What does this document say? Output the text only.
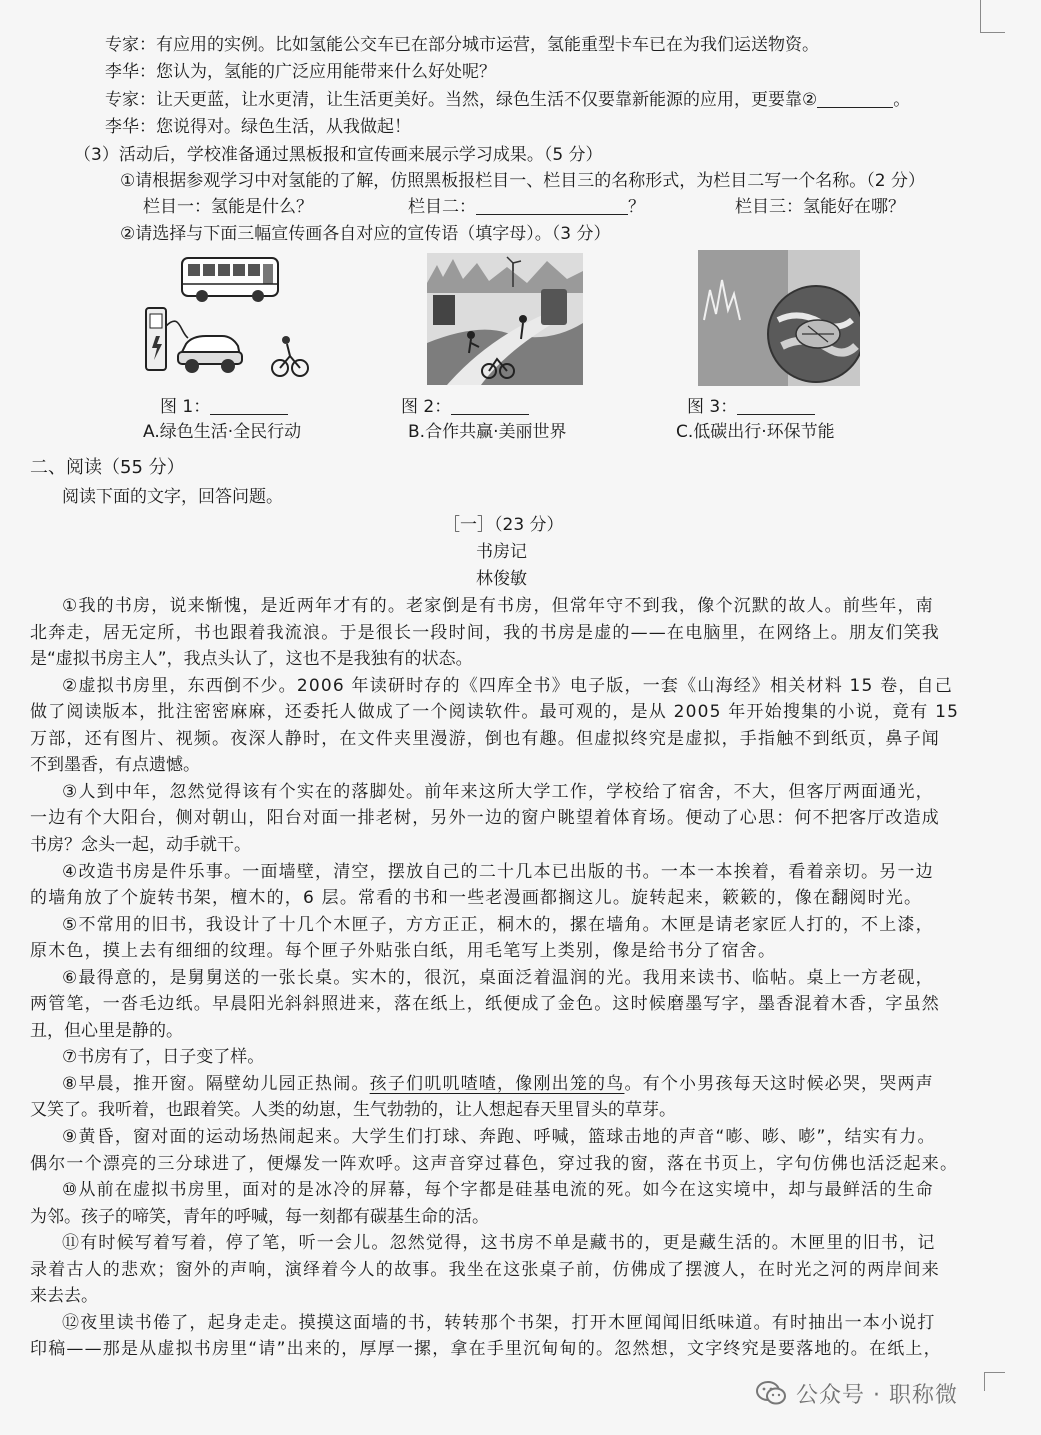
专家：有应用的实例。比如氢能公交车已在部分城市运营，氢能重型卡车已在为我们运送物资。
李华：您认为，氢能的广泛应用能带来什么好处呢？
专家：让天更蓝，让水更清，让生活更美好。当然，绿色生活不仅要靠新能源的应用，更要靠②	。
李华：您说得对。绿色生活，从我做起！
（3）活动后，学校准备通过黑板报和宣传画来展示学习成果。（5 分）
①请根据参观学习中对氢能的了解，仿照黑板报栏目一、栏目三的名称形式，为栏目二写一个名称。（2 分）
栏目一：氢能是什么？	栏目二：	？	栏目三：氢能好在哪？
②请选择与下面三幅宣传画各自对应的宣传语（填字母）。（3 分）
图 1：	图 2：	图 3：
A.绿色生活·全民行动	B.合作共赢·美丽世界	C.低碳出行·环保节能
二、阅读（55 分）
阅读下面的文字，回答问题。
［一］（23 分）
书房记
林俊敏
①我的书房，说来惭愧，是近两年才有的。老家倒是有书房，但常年守不到我，像个沉默的故人。前些年，南
北奔走，居无定所，书也跟着我流浪。于是很长一段时间，我的书房是虚的——在电脑里，在网络上。朋友们笑我
是“虚拟书房主人”，我点头认了，这也不是我独有的状态。
②虚拟书房里，东西倒不少。2006 年读研时存的《四库全书》电子版，一套《山海经》相关材料 15 卷，自己
做了阅读版本，批注密密麻麻，还委托人做成了一个阅读软件。最可观的，是从 2005 年开始搜集的小说，竟有 15
万部，还有图片、视频。夜深人静时，在文件夹里漫游，倒也有趣。但虚拟终究是虚拟，手指触不到纸页，鼻子闻
不到墨香，有点遗憾。
③人到中年，忽然觉得该有个实在的落脚处。前年来这所大学工作，学校给了宿舍，不大，但客厅两面通光，
一边有个大阳台，侧对朝山，阳台对面一排老树，另外一边的窗户眺望着体育场。便动了心思：何不把客厅改造成
书房？念头一起，动手就干。
④改造书房是件乐事。一面墙壁，清空，摆放自己的二十几本已出版的书。一本一本挨着，看着亲切。另一边
的墙角放了个旋转书架，檀木的，6 层。常看的书和一些老漫画都搁这儿。旋转起来，簌簌的，像在翻阅时光。
⑤不常用的旧书，我设计了十几个木匣子，方方正正，桐木的，摞在墙角。木匣是请老家匠人打的，不上漆，
原木色，摸上去有细细的纹理。每个匣子外贴张白纸，用毛笔写上类别，像是给书分了宿舍。
⑥最得意的，是舅舅送的一张长桌。实木的，很沉，桌面泛着温润的光。我用来读书、临帖。桌上一方老砚，
两管笔，一沓毛边纸。早晨阳光斜斜照进来，落在纸上，纸便成了金色。这时候磨墨写字，墨香混着木香，字虽然
丑，但心里是静的。
⑦书房有了，日子变了样。
⑧早晨，推开窗。隔壁幼儿园正热闹。孩子们叽叽喳喳，像刚出笼的鸟。有个小男孩每天这时候必哭，哭两声
又笑了。我听着，也跟着笑。人类的幼崽，生气勃勃的，让人想起春天里冒头的草芽。
⑨黄昏，窗对面的运动场热闹起来。大学生们打球、奔跑、呼喊，篮球击地的声音“嘭、嘭、嘭”，结实有力。
偶尔一个漂亮的三分球进了，便爆发一阵欢呼。这声音穿过暮色，穿过我的窗，落在书页上，字句仿佛也活泛起来。
⑩从前在虚拟书房里，面对的是冰冷的屏幕，每个字都是硅基电流的死。如今在这实境中，却与最鲜活的生命
为邻。孩子的啼笑，青年的呼喊，每一刻都有碳基生命的活。
⑪有时候写着写着，停了笔，听一会儿。忽然觉得，这书房不单是藏书的，更是藏生活的。木匣里的旧书，记
录着古人的悲欢；窗外的声响，演绎着今人的故事。我坐在这张桌子前，仿佛成了摆渡人，在时光之河的两岸间来
来去去。
⑫夜里读书倦了，起身走走。摸摸这面墙的书，转转那个书架，打开木匣闻闻旧纸味道。有时抽出一本小说打
印稿——那是从虚拟书房里“请”出来的，厚厚一摞，拿在手里沉甸甸的。忽然想，文字终究是要落地的。在纸上，
公众号 · 职称微
